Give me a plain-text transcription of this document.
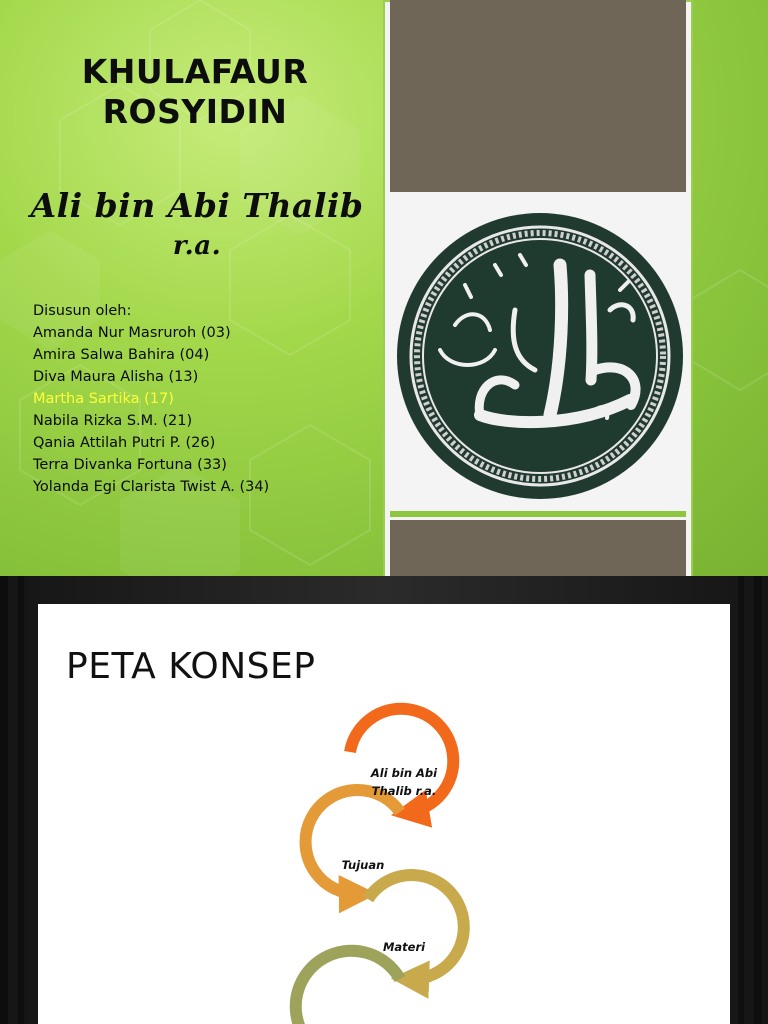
KHULAFAUR
ROSYIDIN
Ali bin Abi Thalib
r.a.
Disusun oleh:
Amanda Nur Masruroh (03)
Amira Salwa Bahira (04)
Diva Maura Alisha (13)
Martha Sartika (17)
Nabila Rizka S.M. (21)
Qania Attilah Putri P. (26)
Terra Divanka Fortuna (33)
Yolanda Egi Clarista Twist A. (34)
PETA KONSEP
Ali bin Abi
Thalib r.a.
Tujuan
Materi
